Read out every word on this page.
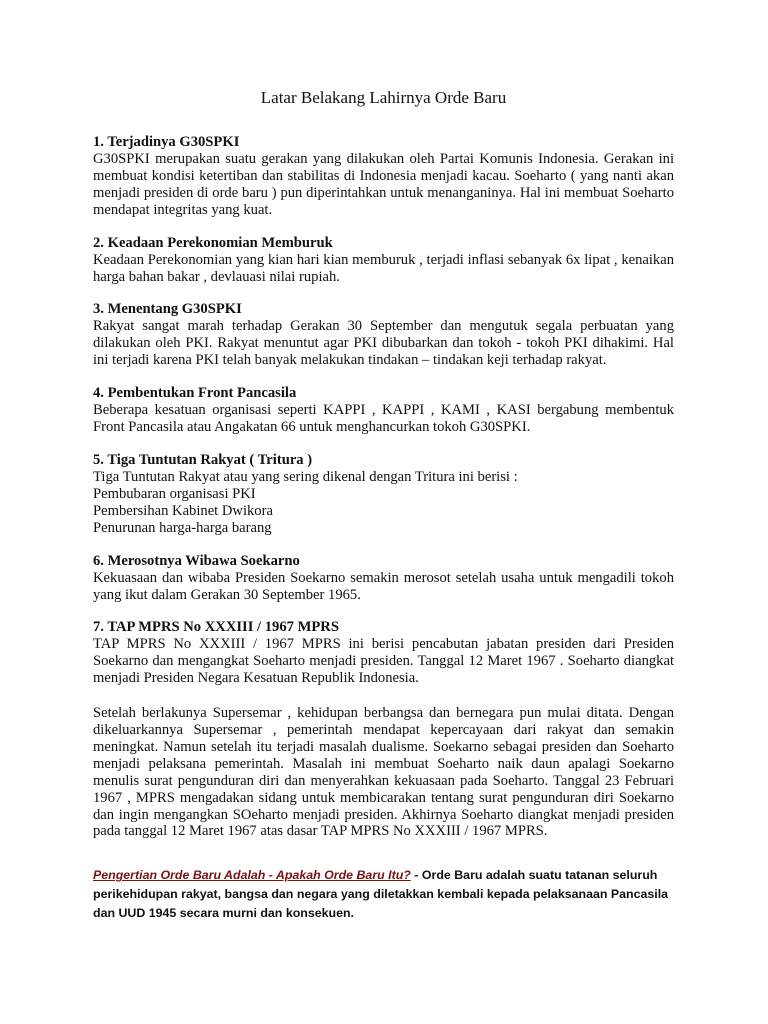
Latar Belakang Lahirnya Orde Baru
1. Terjadinya G30SPKI

G30SPKI merupakan suatu gerakan yang dilakukan oleh Partai Komunis Indonesia. Gerakan ini membuat kondisi ketertiban dan stabilitas di Indonesia menjadi kacau. Soeharto ( yang nanti akan menjadi presiden di orde baru ) pun diperintahkan untuk menanganinya. Hal ini membuat Soeharto mendapat integritas yang kuat.

2. Keadaan Perekonomian Memburuk

Keadaan Perekonomian yang kian hari kian memburuk , terjadi inflasi sebanyak 6x lipat , kenaikan harga bahan bakar , devlauasi nilai rupiah.

3. Menentang G30SPKI

Rakyat sangat marah terhadap Gerakan 30 September dan mengutuk segala perbuatan yang dilakukan oleh PKI. Rakyat menuntut agar PKI dibubarkan dan tokoh - tokoh PKI dihakimi. Hal ini terjadi karena PKI telah banyak melakukan tindakan – tindakan keji terhadap rakyat.

4. Pembentukan Front Pancasila

Beberapa kesatuan organisasi seperti KAPPI , KAPPI , KAMI , KASI bergabung membentuk Front Pancasila atau Angakatan 66 untuk menghancurkan tokoh G30SPKI.

5. Tiga Tuntutan Rakyat ( Tritura )

Tiga Tuntutan Rakyat atau yang sering dikenal dengan Tritura ini berisi :

Pembubaran organisasi PKI

Pembersihan Kabinet Dwikora

Penurunan harga-harga barang

6. Merosotnya Wibawa Soekarno

Kekuasaan dan wibaba Presiden Soekarno semakin merosot setelah usaha untuk mengadili tokoh yang ikut dalam Gerakan 30 September 1965.

7. TAP MPRS No XXXIII / 1967 MPRS

TAP MPRS No XXXIII / 1967 MPRS ini berisi pencabutan jabatan presiden dari Presiden Soekarno dan mengangkat Soeharto menjadi presiden. Tanggal 12 Maret 1967 . Soeharto diangkat menjadi Presiden Negara Kesatuan Republik Indonesia.

Setelah berlakunya Supersemar , kehidupan berbangsa dan bernegara pun mulai ditata. Dengan dikeluarkannya Supersemar , pemerintah mendapat kepercayaan dari rakyat dan semakin meningkat. Namun setelah itu terjadi masalah dualisme. Soekarno sebagai presiden dan Soeharto menjadi pelaksana pemerintah. Masalah ini membuat Soeharto naik daun apalagi Soekarno menulis surat pengunduran diri dan menyerahkan kekuasaan pada Soeharto. Tanggal 23 Februari 1967 , MPRS mengadakan sidang untuk membicarakan tentang surat pengunduran diri Soekarno dan ingin mengangkan SOeharto menjadi presiden. Akhirnya Soeharto diangkat menjadi presiden pada tanggal 12 Maret 1967 atas dasar TAP MPRS No XXXIII / 1967 MPRS.

Pengertian Orde Baru Adalah - Apakah Orde Baru Itu? - Orde Baru adalah suatu tatanan seluruh perikehidupan rakyat, bangsa dan negara yang diletakkan kembali kepada pelaksanaan Pancasila dan UUD 1945 secara murni dan konsekuen.
